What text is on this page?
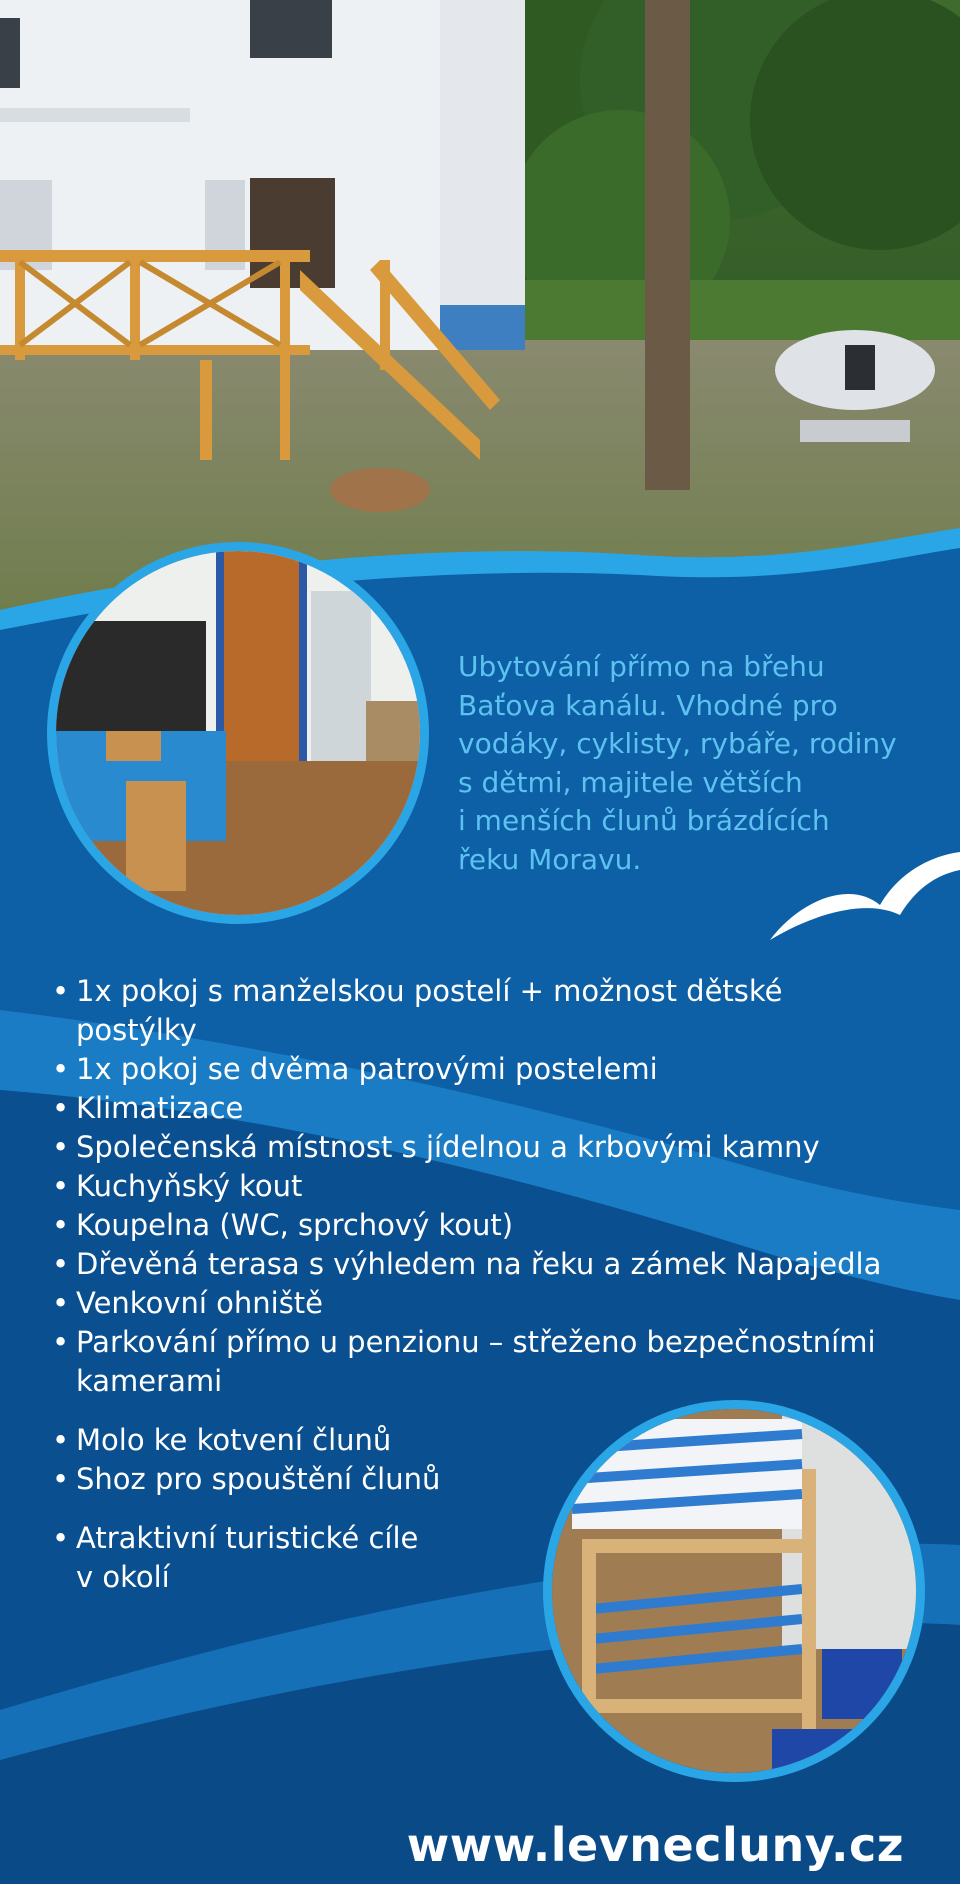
Ubytování přímo na břehu
Baťova kanálu. Vhodné pro
vodáky, cyklisty, rybáře, rodiny
s dětmi, majitele větších
i menších člunů brázdících
řeku Moravu.
• 1x pokoj s manželskou postelí + možnost dětské
postýlky
• 1x pokoj se dvěma patrovými postelemi
• Klimatizace
• Společenská místnost s jídelnou a krbovými kamny
• Kuchyňský kout
• Koupelna (WC, sprchový kout)
• Dřevěná terasa s výhledem na řeku a zámek Napajedla
• Venkovní ohniště
• Parkování přímo u penzionu – střeženo bezpečnostními
kamerami
• Molo ke kotvení člunů
• Shoz pro spouštění člunů
• Atraktivní turistické cíle
v okolí
www.levnecluny.cz
